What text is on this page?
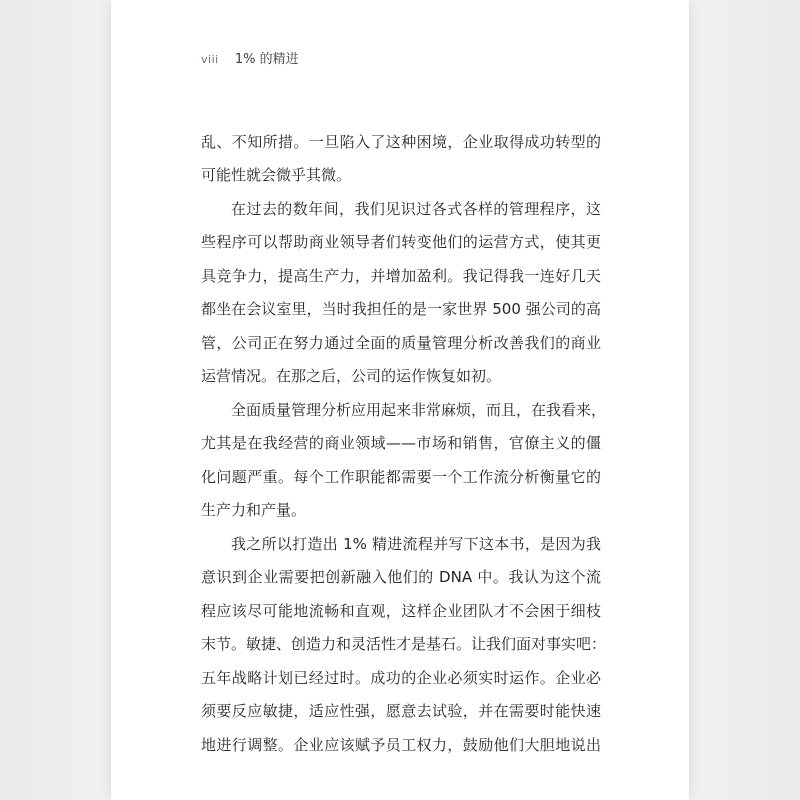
viii 1% 的精进
乱、不知所措。一旦陷入了这种困境，企业取得成功转型的
可能性就会微乎其微。
在过去的数年间，我们见识过各式各样的管理程序，这
些程序可以帮助商业领导者们转变他们的运营方式，使其更
具竞争力，提高生产力，并增加盈利。我记得我一连好几天
都坐在会议室里，当时我担任的是一家世界 500 强公司的高
管，公司正在努力通过全面的质量管理分析改善我们的商业
运营情况。在那之后，公司的运作恢复如初。
全面质量管理分析应用起来非常麻烦，而且，在我看来，
尤其是在我经营的商业领域——市场和销售，官僚主义的僵
化问题严重。每个工作职能都需要一个工作流分析衡量它的
生产力和产量。
我之所以打造出 1% 精进流程并写下这本书，是因为我
意识到企业需要把创新融入他们的 DNA 中。我认为这个流
程应该尽可能地流畅和直观，这样企业团队才不会困于细枝
末节。敏捷、创造力和灵活性才是基石。让我们面对事实吧：
五年战略计划已经过时。成功的企业必须实时运作。企业必
须要反应敏捷，适应性强，愿意去试验，并在需要时能快速
地进行调整。企业应该赋予员工权力，鼓励他们大胆地说出
